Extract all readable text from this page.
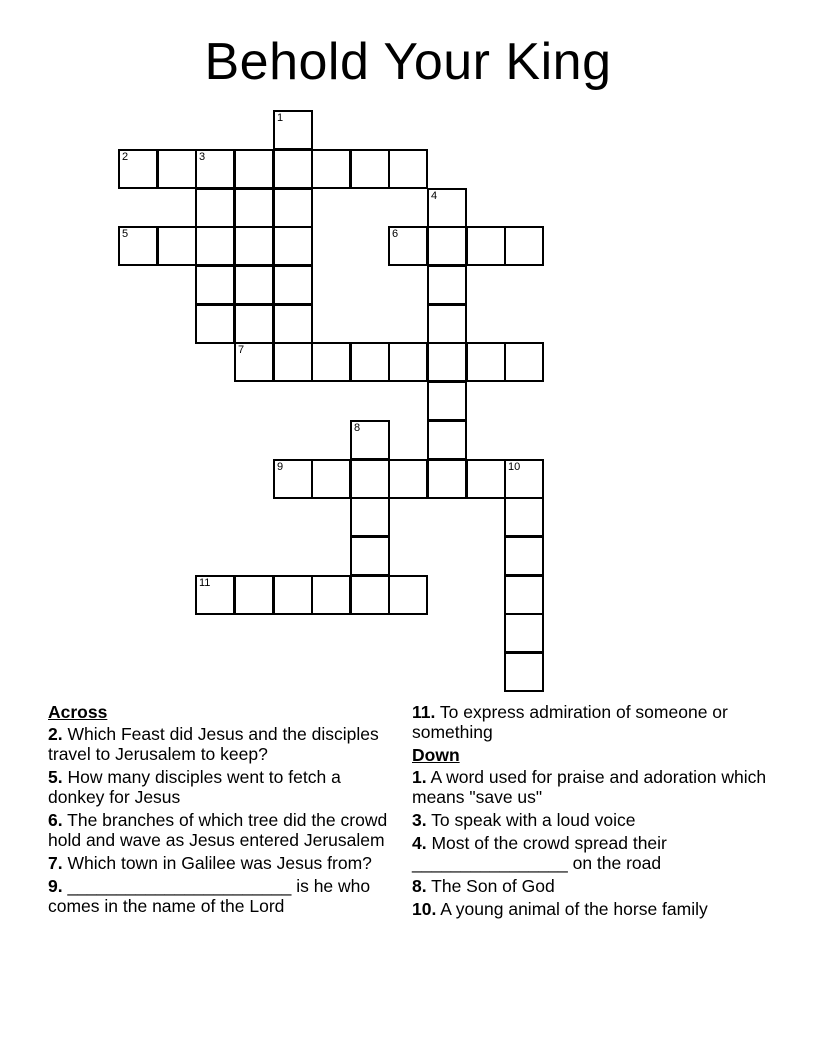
Behold Your King
1
2	3
4
5	6
7
8
9	10
11
Across
2. Which Feast did Jesus and the disciples travel to Jerusalem to keep?
5. How many disciples went to fetch a donkey for Jesus
6. The branches of which tree did the crowd hold and wave as Jesus entered Jerusalem
7. Which town in Galilee was Jesus from?
9. _______________________ is he who comes in the name of the Lord
11. To express admiration of someone or something
Down
1. A word used for praise and adoration which means "save us"
3. To speak with a loud voice
4. Most of the crowd spread their ________________ on the road
8. The Son of God
10. A young animal of the horse family
